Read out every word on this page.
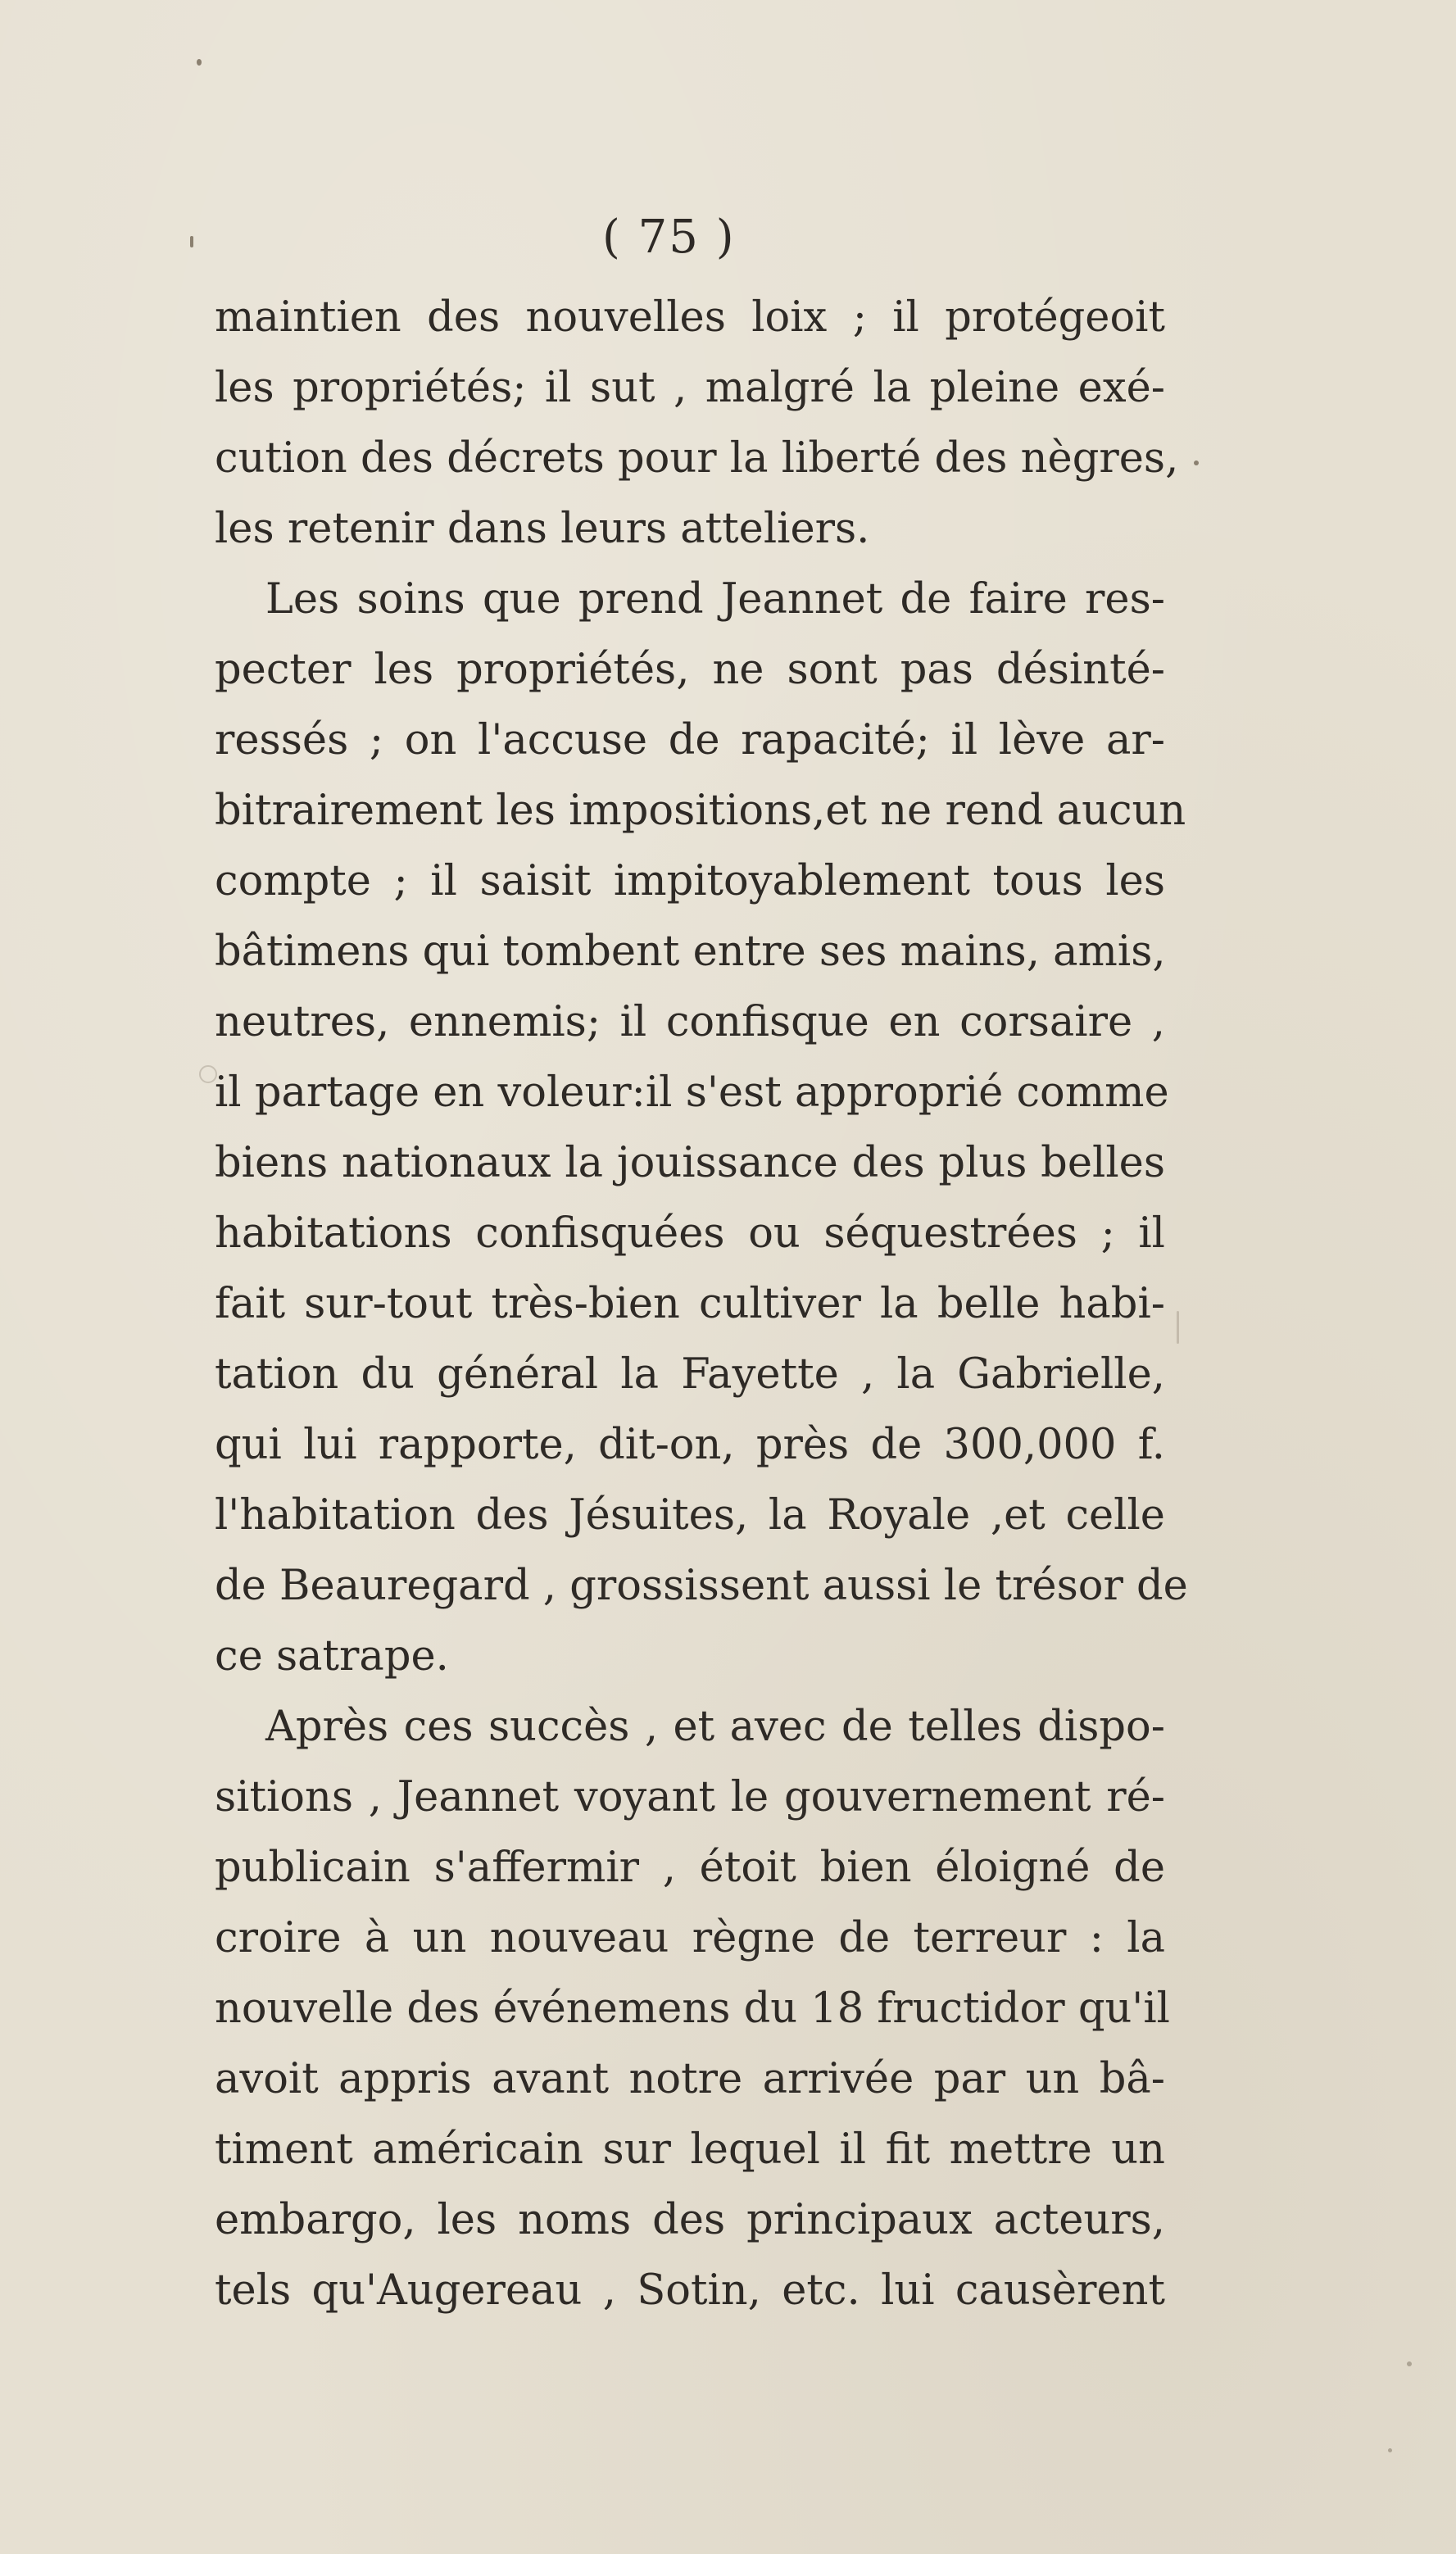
( 75 )
maintien des nouvelles loix ; il protégeoit
les propriétés; il sut , malgré la pleine exé-
cution des décrets pour la liberté des nègres,
les retenir dans leurs atteliers.
Les soins que prend Jeannet de faire res-
pecter les propriétés, ne sont pas désinté-
ressés ; on l'accuse de rapacité; il lève ar-
bitrairement les impositions,et ne rend aucun
compte ; il saisit impitoyablement tous les
bâtimens qui tombent entre ses mains, amis,
neutres, ennemis; il confisque en corsaire ,
il partage en voleur:il s'est approprié comme
biens nationaux la jouissance des plus belles
habitations confisquées ou séquestrées ; il
fait sur-tout très-bien cultiver la belle habi-
tation du général la Fayette , la Gabrielle,
qui lui rapporte, dit-on, près de 300,000 f.
l'habitation des Jésuites, la Royale ,et celle
de Beauregard , grossissent aussi le trésor de
ce satrape.
Après ces succès , et avec de telles dispo-
sitions , Jeannet voyant le gouvernement ré-
publicain s'affermir , étoit bien éloigné de
croire à un nouveau règne de terreur : la
nouvelle des événemens du 18 fructidor qu'il
avoit appris avant notre arrivée par un bâ-
timent américain sur lequel il fit mettre un
embargo, les noms des principaux acteurs,
tels qu'Augereau , Sotin, etc. lui causèrent
